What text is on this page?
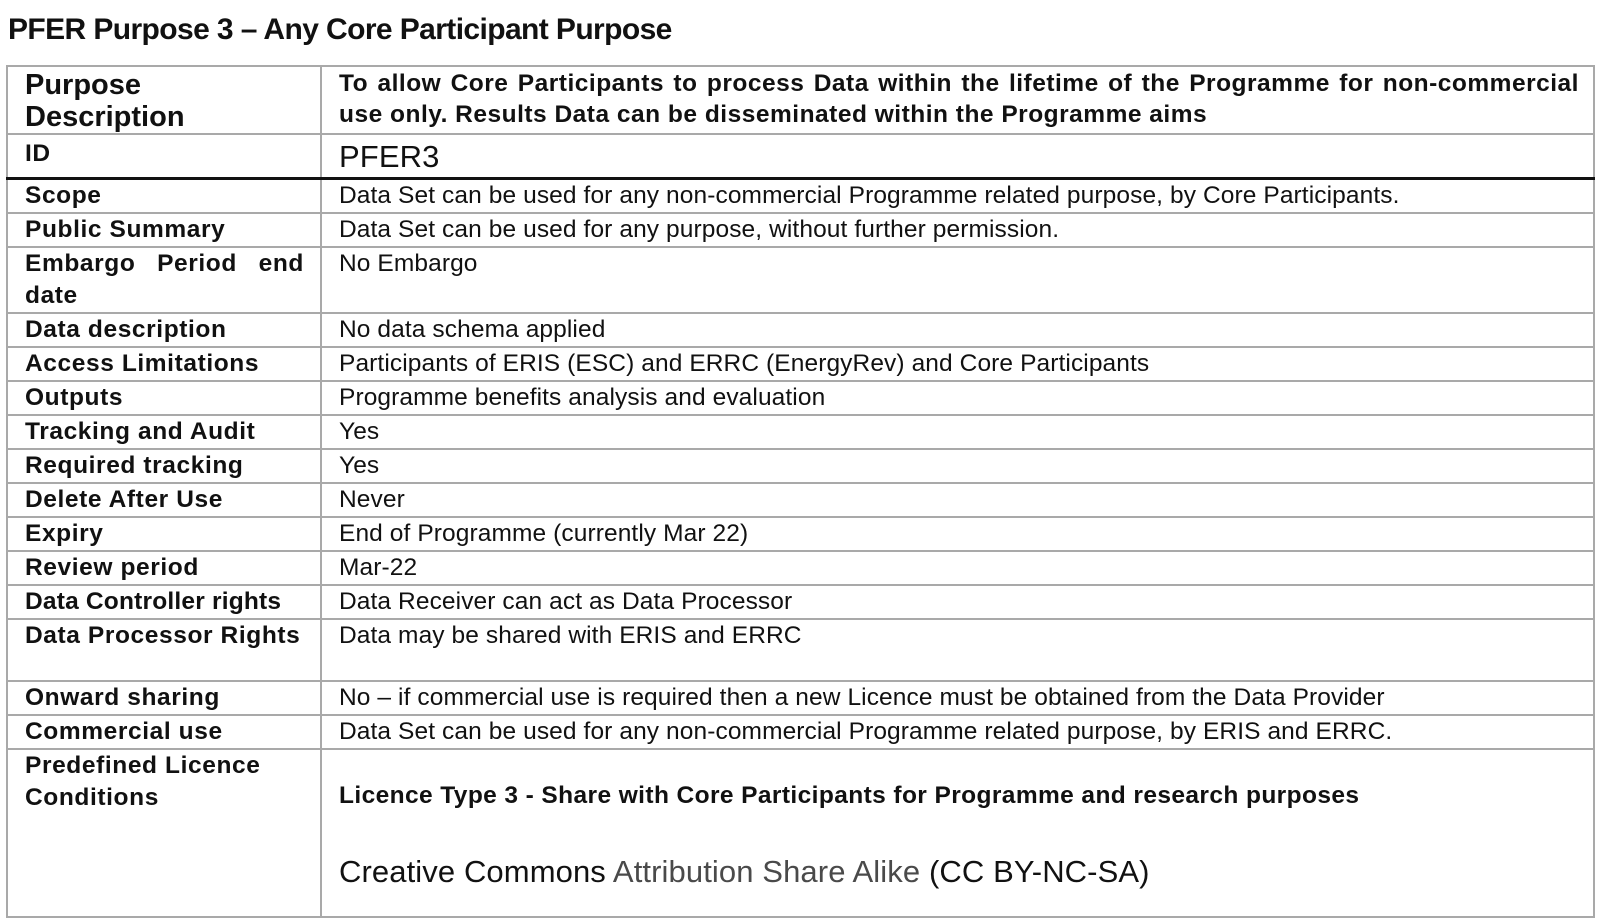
PFER Purpose 3 – Any Core Participant Purpose
Purpose Description	To allow Core Participants to process Data within the lifetime of the Programme for non-commercial use only. Results Data can be disseminated within the Programme aims
ID	PFER3
Scope	Data Set can be used for any non-commercial Programme related purpose, by Core Participants.
Public Summary	Data Set can be used for any purpose, without further permission.
Embargo Period end date	No Embargo
Data description	No data schema applied
Access Limitations	Participants of ERIS (ESC) and ERRC (EnergyRev) and Core Participants
Outputs	Programme benefits analysis and evaluation
Tracking and Audit	Yes
Required tracking	Yes
Delete After Use	Never
Expiry	End of Programme (currently Mar 22)
Review period	Mar-22
Data Controller rights	Data Receiver can act as Data Processor
Data Processor Rights	Data may be shared with ERIS and ERRC
Onward sharing	No – if commercial use is required then a new Licence must be obtained from the Data Provider
Commercial use	Data Set can be used for any non-commercial Programme related purpose, by ERIS and ERRC.
Predefined Licence Conditions	Licence Type 3 - Share with Core Participants for Programme and research purposes
Creative Commons Attribution Share Alike (CC BY-NC-SA)
